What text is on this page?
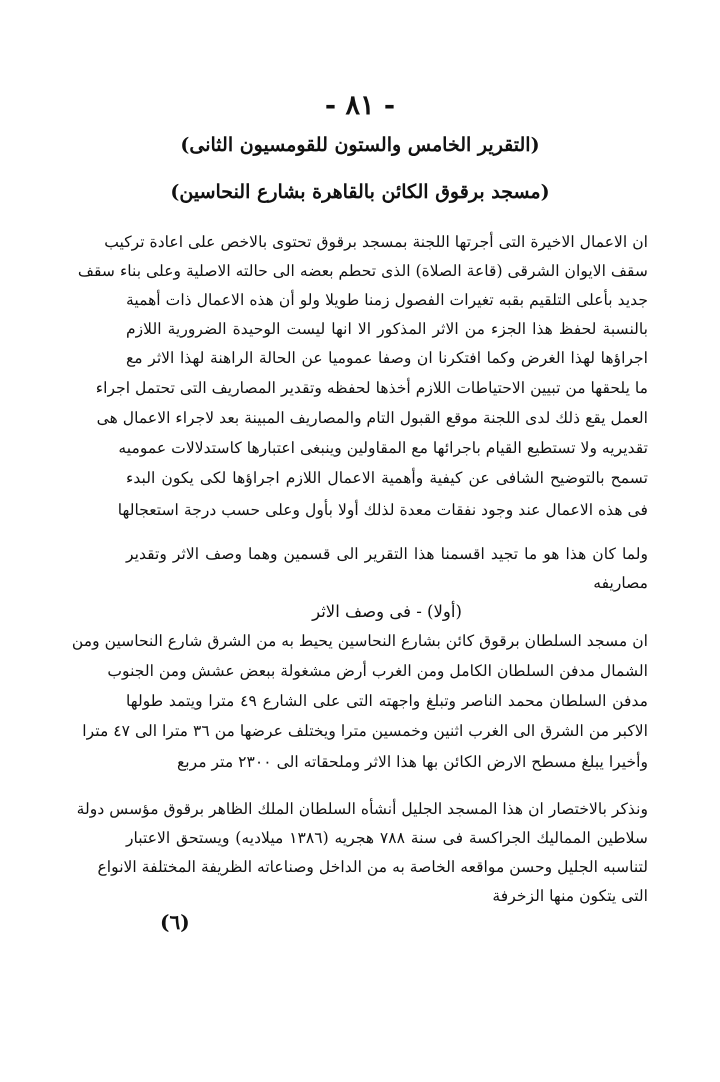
- ٨١ -
(التقرير الخامس والستون للقومسيون الثانى)
(مسجد برقوق الكائن بالقاهرة بشارع النحاسين)
ان الاعمال الاخيرة التى أجرتها اللجنة بمسجد برقوق تحتوى بالاخص على اعادة تركيب
سقف الايوان الشرقى (قاعة الصلاة) الذى تحطم بعضه الى حالته الاصلية وعلى بناء سقف
جديد بأعلى التلقيم بقبه تغيرات الفصول زمنا طويلا ولو أن هذه الاعمال ذات أهمية
بالنسبة لحفظ هذا الجزء من الاثر المذكور الا انها ليست الوحيدة الضرورية اللازم
اجراؤها لهذا الغرض وكما افتكرنا ان وصفا عموميا عن الحالة الراهنة لهذا الاثر مع
ما يلحقها من تبيين الاحتياطات اللازم أخذها لحفظه وتقدير المصاريف التى تحتمل اجراء
العمل يقع ذلك لدى اللجنة موقع القبول التام والمصاريف المبينة بعد لاجراء الاعمال هى
تقديريه ولا تستطيع القيام باجرائها مع المقاولين وينبغى اعتبارها كاستدلالات عموميه
تسمح بالتوضيح الشافى عن كيفية وأهمية الاعمال اللازم اجراؤها لكى يكون البدء
فى هذه الاعمال عند وجود نفقات معدة لذلك أولا بأول وعلى حسب درجة استعجالها
ولما كان هذا هو ما تجيد اقسمنا هذا التقرير الى قسمين وهما وصف الاثر وتقدير
مصاريفه
(أولا) - فى وصف الاثر
ان مسجد السلطان برقوق كائن بشارع النحاسين يحيط به من الشرق شارع النحاسين ومن
الشمال مدفن السلطان الكامل ومن الغرب أرض مشغولة ببعض عشش ومن الجنوب
مدفن السلطان محمد الناصر وتبلغ واجهته التى على الشارع ٤٩ مترا ويتمد طولها
الاكبر من الشرق الى الغرب اثنين وخمسين مترا ويختلف عرضها من ٣٦ مترا الى ٤٧ مترا
وأخيرا يبلغ مسطح الارض الكائن بها هذا الاثر وملحقاته الى ٢٣٠٠ متر مربع
ونذكر بالاختصار ان هذا المسجد الجليل أنشأه السلطان الملك الظاهر برقوق مؤسس دولة
سلاطين المماليك الجراكسة فى سنة ٧٨٨ هجريه (١٣٨٦ ميلاديه) ويستحق الاعتبار
لتناسبه الجليل وحسن مواقعه الخاصة به من الداخل وصناعاته الظريفة المختلفة الانواع
التى يتكون منها الزخرفة
(٦)
